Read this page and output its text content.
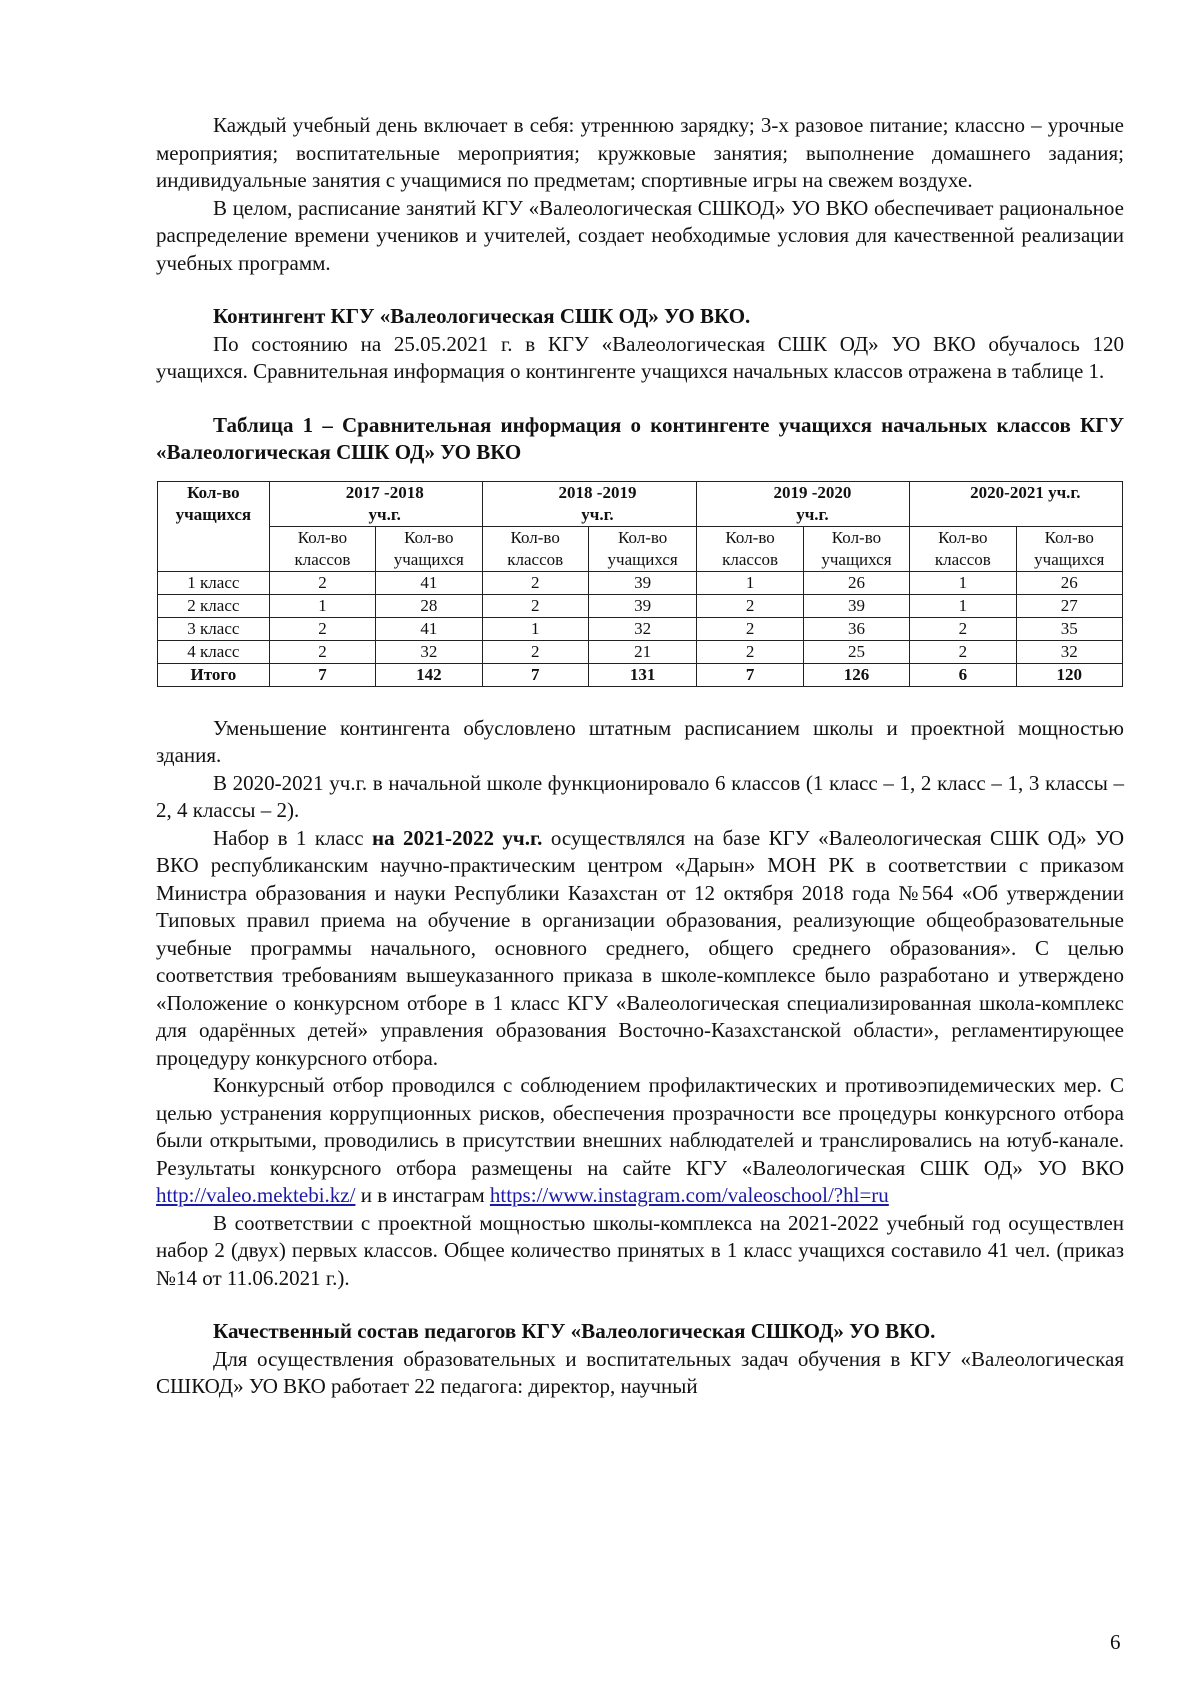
Каждый учебный день включает в себя: утреннюю зарядку; 3-х разовое питание; классно – урочные мероприятия; воспитательные мероприятия; кружковые занятия; выполнение домашнего задания; индивидуальные занятия с учащимися по предметам; спортивные игры на свежем воздухе.

В целом, расписание занятий КГУ «Валеологическая СШКОД» УО ВКО обеспечивает рациональное распределение времени учеников и учителей, создает необходимые условия для качественной реализации учебных программ.

Контингент КГУ «Валеологическая СШК ОД» УО ВКО.

По состоянию на 25.05.2021 г. в КГУ «Валеологическая СШК ОД» УО ВКО обучалось 120 учащихся. Сравнительная информация о контингенте учащихся начальных классов отражена в таблице 1.

Таблица 1 – Сравнительная информация о контингенте учащихся начальных классов КГУ «Валеологическая СШК ОД» УО ВКО

Кол-во учащихся	2017 -2018 уч.г.		2018 -2019 уч.г.		2019 -2020 уч.г.		2020-2021 уч.г.	
	Кол-во классов	Кол-во учащихся	Кол-во классов	Кол-во учащихся	Кол-во классов	Кол-во учащихся	Кол-во классов	Кол-во учащихся
1 класс	2	41	2	39	1	26	1	26
2 класс	1	28	2	39	2	39	1	27
3 класс	2	41	1	32	2	36	2	35
4 класс	2	32	2	21	2	25	2	32
Итого	7	142	7	131	7	126	6	120

Уменьшение контингента обусловлено штатным расписанием школы и проектной мощностью здания.

В 2020-2021 уч.г. в начальной школе функционировало 6 классов (1 класс – 1, 2 класс – 1, 3 классы – 2, 4 классы – 2).

Набор в 1 класс на 2021-2022 уч.г. осуществлялся на базе КГУ «Валеологическая СШК ОД» УО ВКО республиканским научно-практическим центром «Дарын» МОН РК в соответствии с приказом Министра образования и науки Республики Казахстан от 12 октября 2018 года №564 «Об утверждении Типовых правил приема на обучение в организации образования, реализующие общеобразовательные учебные программы начального, основного среднего, общего среднего образования». С целью соответствия требованиям вышеуказанного приказа в школе-комплексе было разработано и утверждено «Положение о конкурсном отборе в 1 класс КГУ «Валеологическая специализированная школа-комплекс для одарённых детей» управления образования Восточно-Казахстанской области», регламентирующее процедуру конкурсного отбора.

Конкурсный отбор проводился с соблюдением профилактических и противоэпидемических мер. С целью устранения коррупционных рисков, обеспечения прозрачности все процедуры конкурсного отбора были открытыми, проводились в присутствии внешних наблюдателей и транслировались на ютуб-канале. Результаты конкурсного отбора размещены на сайте КГУ «Валеологическая СШК ОД» УО ВКО http://valeo.mektebi.kz/ и в инстаграм https://www.instagram.com/valeoschool/?hl=ru

В соответствии с проектной мощностью школы-комплекса на 2021-2022 учебный год осуществлен набор 2 (двух) первых классов. Общее количество принятых в 1 класс учащихся составило 41 чел. (приказ №14 от 11.06.2021 г.).

Качественный состав педагогов КГУ «Валеологическая СШКОД» УО ВКО.

Для осуществления образовательных и воспитательных задач обучения в КГУ «Валеологическая СШКОД» УО ВКО работает 22 педагога: директор, научный

6
